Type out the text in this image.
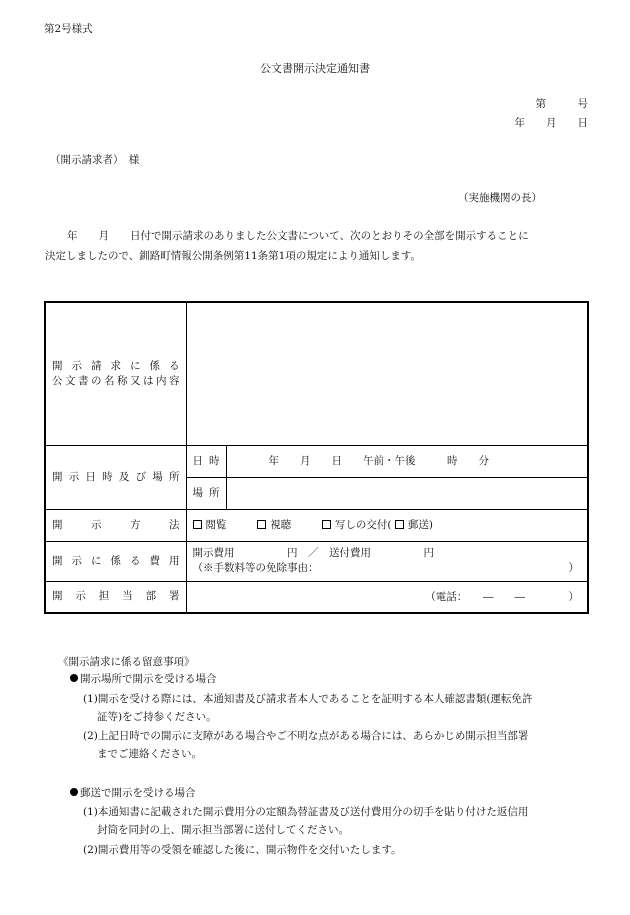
第2号様式
公文書開示決定通知書
第　　　号
年　　月　　日
（開示請求者）　様
（実施機関の長）
年　　月　　日付で開示請求のありました公文書について、次のとおりその全部を開示することに
決定しましたので、釧路町情報公開条例第11条第1項の規定により通知します。
開 示 請 求 に 係 る
公文書の名称又は内容		

開 示 日 時 及 び 場 所	日時	年　　月　　日　　午前・午後　　　時　　分
	場所	
開 示 方 法	閲覧 視聴 写しの交付( 郵送)	
開 示 に 係 る 費 用	開示費用　　　　　円　／　送付費用　　　　　円
（※手数料等の免除事由： ）	

開 示 担 当 部 署	（電話：　　―　　― ）	
《開示請求に係る留意事項》
開示場所で開示を受ける場合
(1)開示を受ける際には、本通知書及び請求者本人であることを証明する本人確認書類(運転免許
証等)をご持参ください。
(2)上記日時での開示に支障がある場合やご不明な点がある場合には、あらかじめ開示担当部署
までご連絡ください。
郵送で開示を受ける場合
(1)本通知書に記載された開示費用分の定額為替証書及び送付費用分の切手を貼り付けた返信用
封筒を同封の上、開示担当部署に送付してください。
(2)開示費用等の受領を確認した後に、開示物件を交付いたします。
